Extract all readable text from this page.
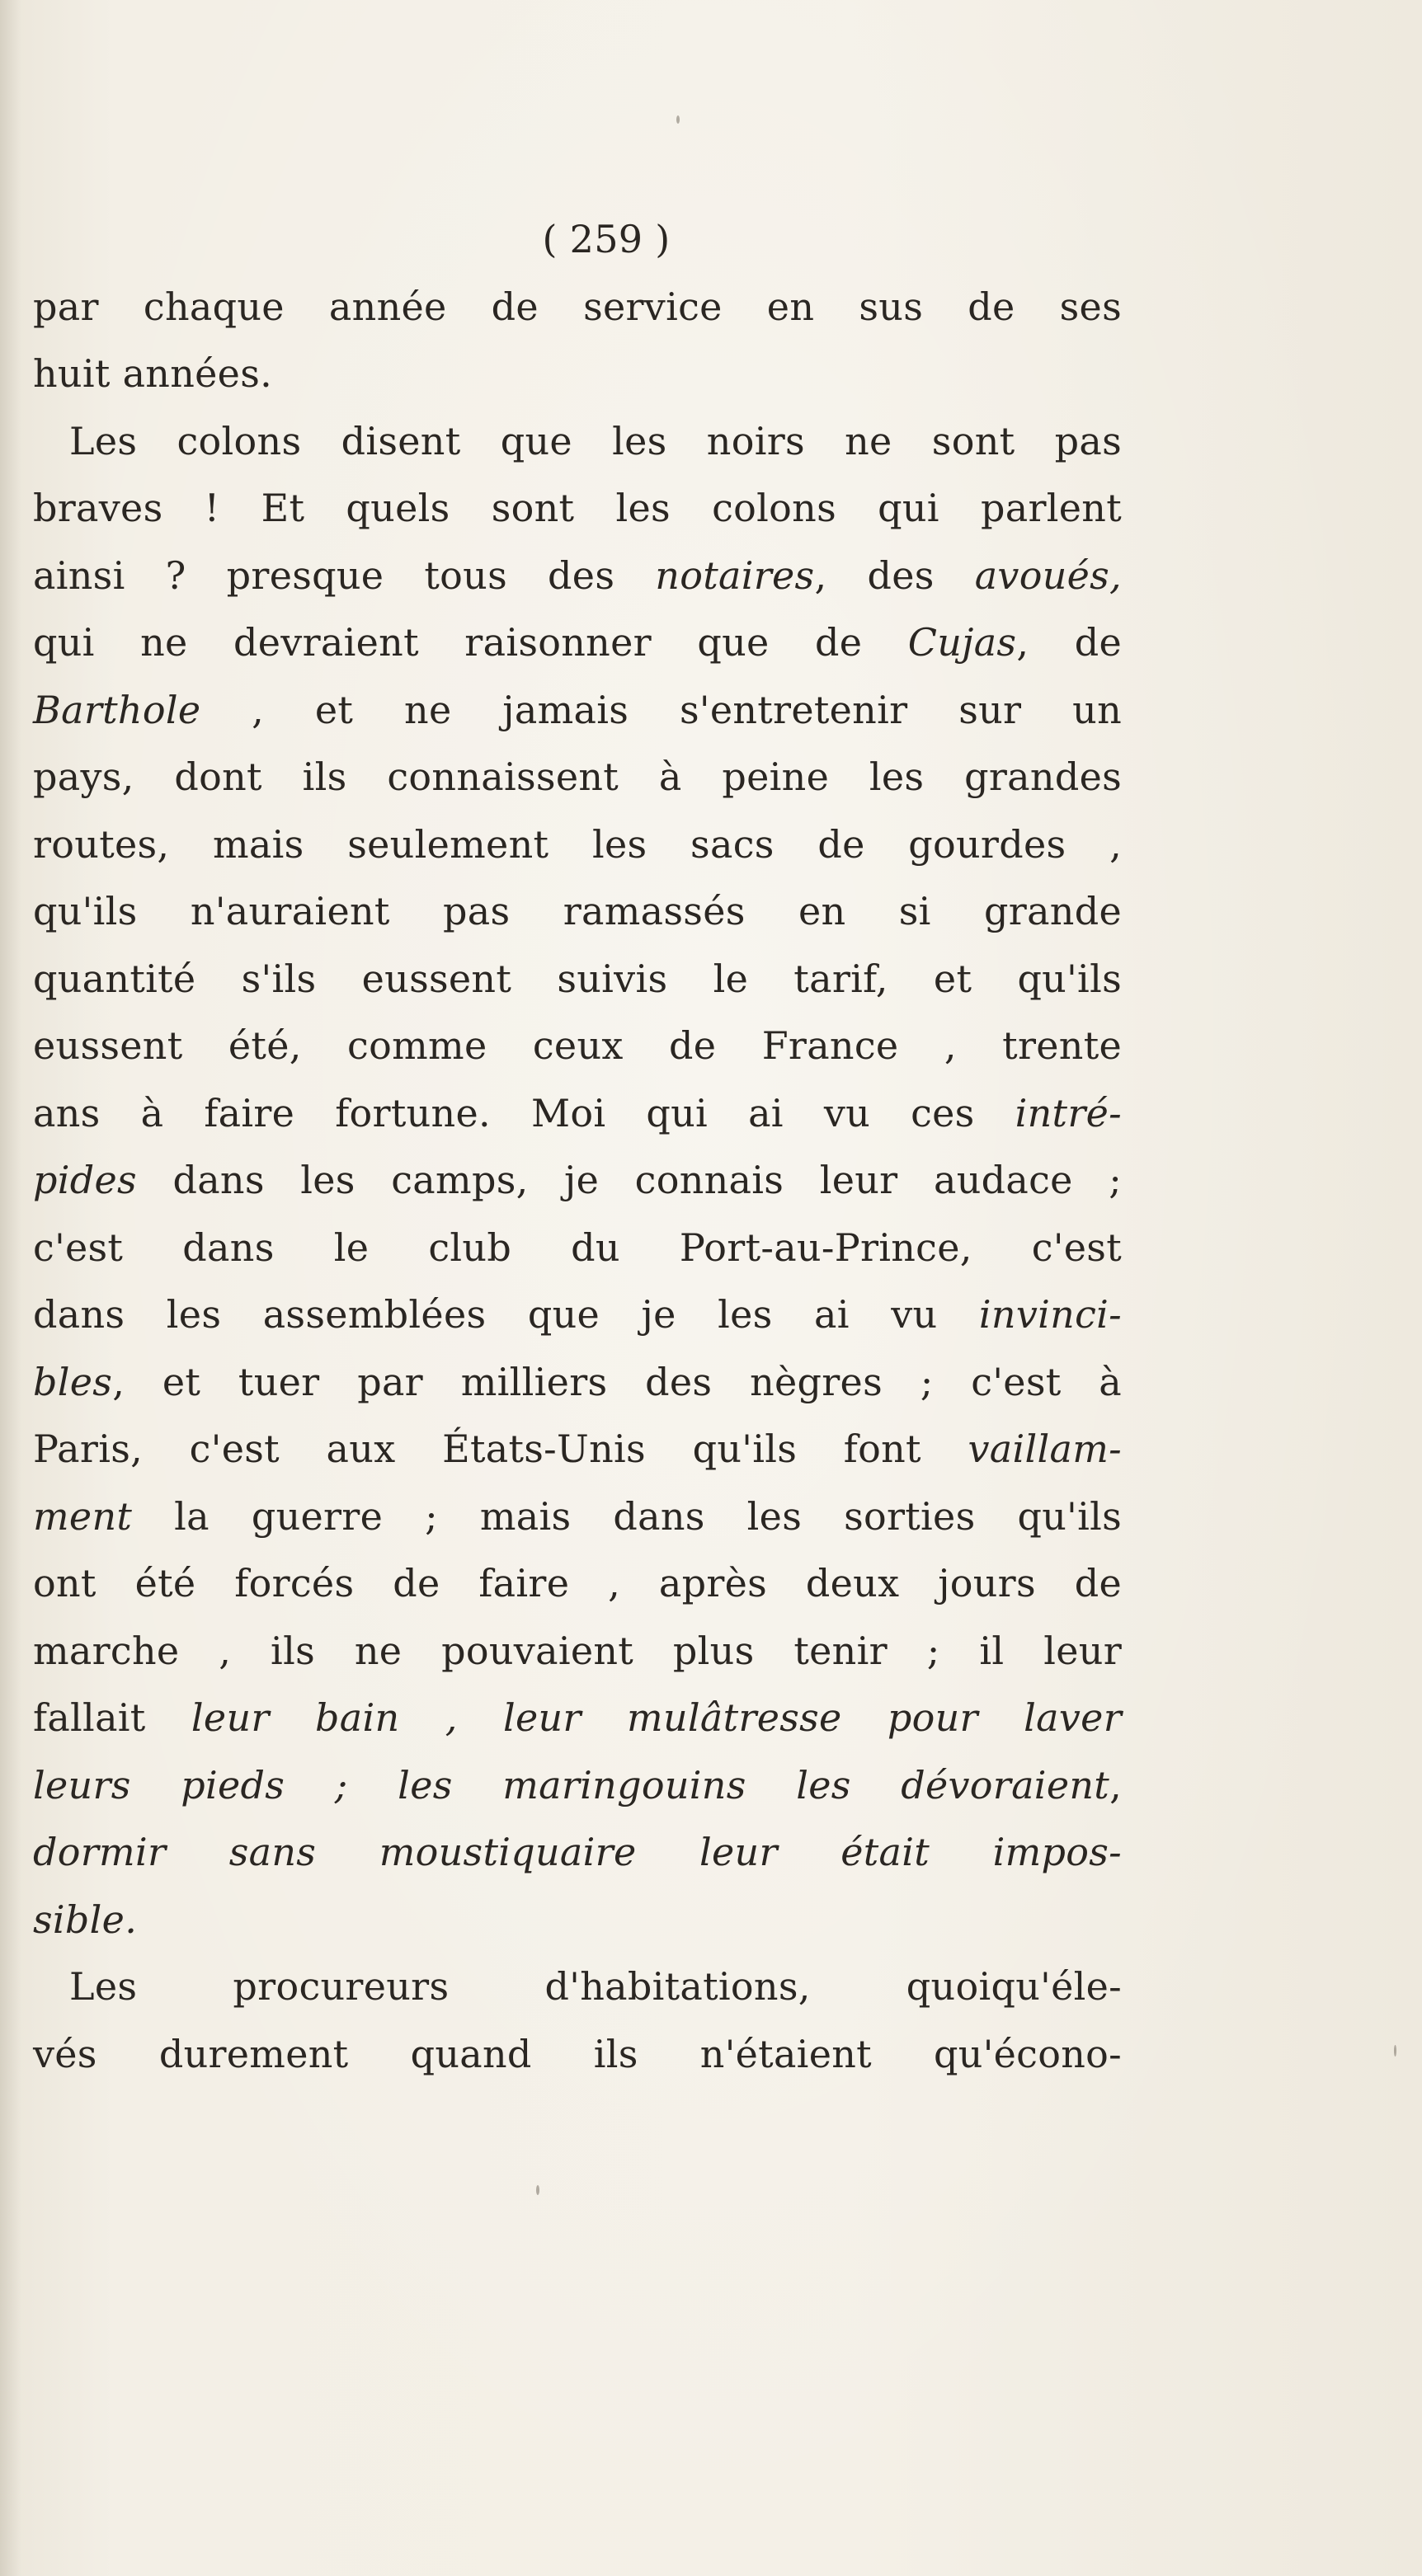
( 259 )
par chaque année de service en sus de ses
huit années.
Les colons disent que les noirs ne sont pas
braves ! Et quels sont les colons qui parlent
ainsi ? presque tous des notaires, des avoués,
qui ne devraient raisonner que de Cujas, de
Barthole , et ne jamais s'entretenir sur un
pays, dont ils connaissent à peine les grandes
routes, mais seulement les sacs de gourdes ,
qu'ils n'auraient pas ramassés en si grande
quantité s'ils eussent suivis le tarif, et qu'ils
eussent été, comme ceux de France , trente
ans à faire fortune. Moi qui ai vu ces intré-
pides dans les camps, je connais leur audace ;
c'est dans le club du Port-au-Prince, c'est
dans les assemblées que je les ai vu invinci-
bles, et tuer par milliers des nègres ; c'est à
Paris, c'est aux États-Unis qu'ils font vaillam-
ment la guerre ; mais dans les sorties qu'ils
ont été forcés de faire , après deux jours de
marche , ils ne pouvaient plus tenir ; il leur
fallait leur bain , leur mulâtresse pour laver
leurs pieds ; les maringouins les dévoraient,
dormir sans moustiquaire leur était impos-
sible.
Les procureurs d'habitations, quoiqu'éle-
vés durement quand ils n'étaient qu'écono-
